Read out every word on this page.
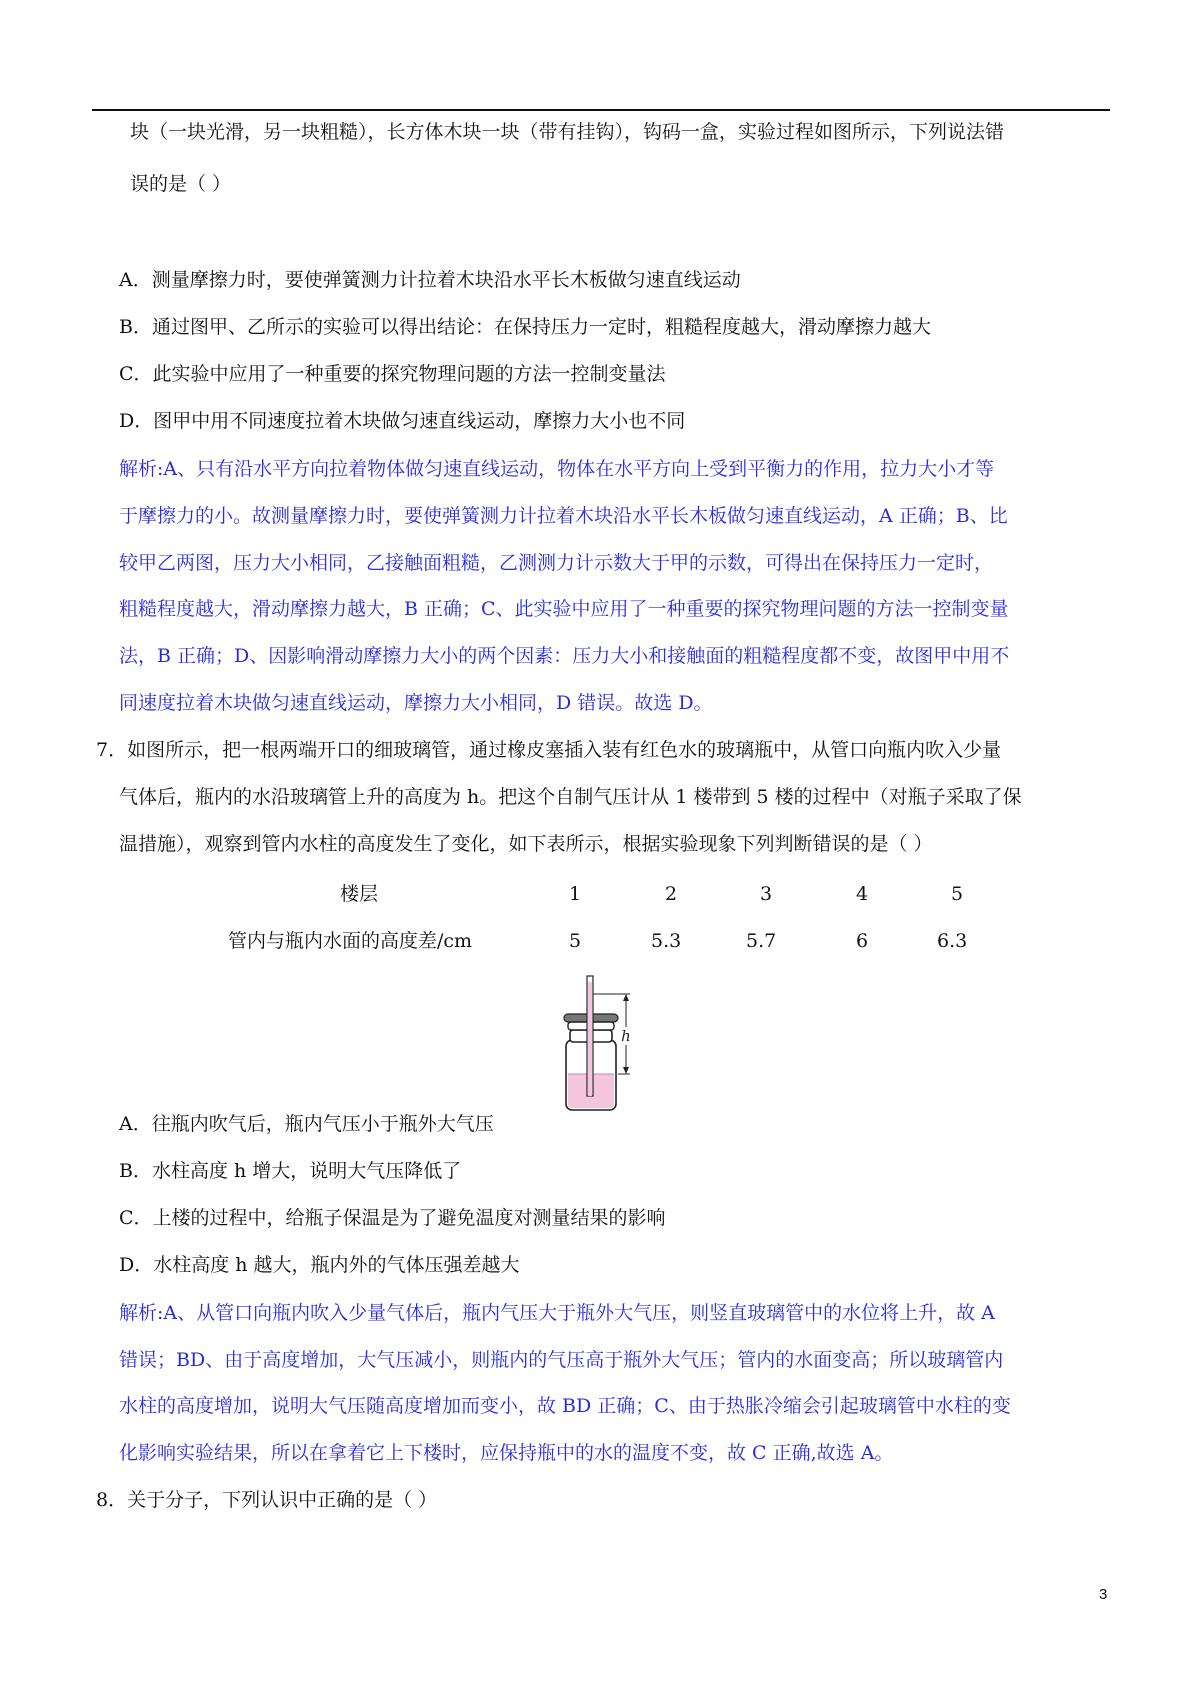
块（一块光滑，另一块粗糙），长方体木块一块（带有挂钩），钩码一盒，实验过程如图所示，下列说法错
误的是（ ）
A．测量摩擦力时，要使弹簧测力计拉着木块沿水平长木板做匀速直线运动
B．通过图甲、乙所示的实验可以得出结论：在保持压力一定时，粗糙程度越大，滑动摩擦力越大
C．此实验中应用了一种重要的探究物理问题的方法一控制变量法
D．图甲中用不同速度拉着木块做匀速直线运动，摩擦力大小也不同
解析:A、只有沿水平方向拉着物体做匀速直线运动，物体在水平方向上受到平衡力的作用，拉力大小才等
于摩擦力的小。故测量摩擦力时，要使弹簧测力计拉着木块沿水平长木板做匀速直线运动，A 正确；B、比
较甲乙两图，压力大小相同，乙接触面粗糙，乙测测力计示数大于甲的示数，可得出在保持压力一定时，
粗糙程度越大，滑动摩擦力越大，B 正确；C、此实验中应用了一种重要的探究物理问题的方法一控制变量
法，B 正确；D、因影响滑动摩擦力大小的两个因素：压力大小和接触面的粗糙程度都不变，故图甲中用不
同速度拉着木块做匀速直线运动，摩擦力大小相同，D 错误。故选 D。
7．如图所示，把一根两端开口的细玻璃管，通过橡皮塞插入装有红色水的玻璃瓶中，从管口向瓶内吹入少量
气体后，瓶内的水沿玻璃管上升的高度为 h。把这个自制气压计从 1 楼带到 5 楼的过程中（对瓶子采取了保
温措施），观察到管内水柱的高度发生了变化，如下表所示，根据实验现象下列判断错误的是（ ）
楼层	1	2	3	4	5
管内与瓶内水面的高度差/cm	5	5.3	5.7	6	6.3
h
A．往瓶内吹气后，瓶内气压小于瓶外大气压
B．水柱高度 h 增大，说明大气压降低了
C．上楼的过程中，给瓶子保温是为了避免温度对测量结果的影响
D．水柱高度 h 越大，瓶内外的气体压强差越大
解析:A、从管口向瓶内吹入少量气体后，瓶内气压大于瓶外大气压，则竖直玻璃管中的水位将上升，故 A
错误；BD、由于高度增加，大气压减小，则瓶内的气压高于瓶外大气压；管内的水面变高；所以玻璃管内
水柱的高度增加，说明大气压随高度增加而变小，故 BD 正确；C、由于热胀冷缩会引起玻璃管中水柱的变
化影响实验结果，所以在拿着它上下楼时，应保持瓶中的水的温度不变，故 C 正确,故选 A。
8．关于分子，下列认识中正确的是（ ）
3
